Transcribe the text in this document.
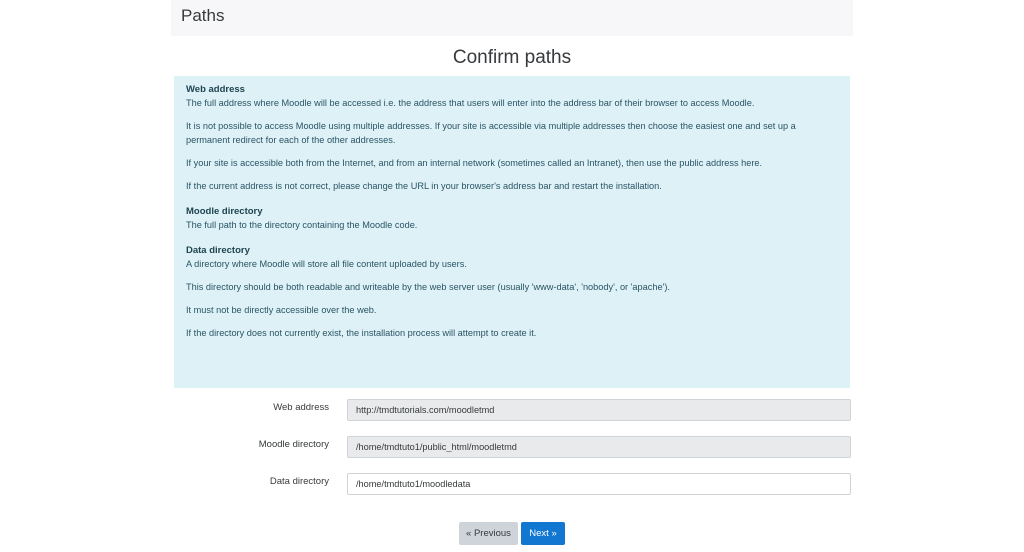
Paths
Confirm paths

Web address

The full address where Moodle will be accessed i.e. the address that users will enter into the address bar of their browser to access Moodle.

It is not possible to access Moodle using multiple addresses. If your site is accessible via multiple addresses then choose the easiest one and set up a permanent redirect for each of the other addresses.

If your site is accessible both from the Internet, and from an internal network (sometimes called an Intranet), then use the public address here.

If the current address is not correct, please change the URL in your browser's address bar and restart the installation.

Moodle directory

The full path to the directory containing the Moodle code.

Data directory

A directory where Moodle will store all file content uploaded by users.

This directory should be both readable and writeable by the web server user (usually 'www-data', 'nobody', or 'apache').

It must not be directly accessible over the web.

If the directory does not currently exist, the installation process will attempt to create it.

Web address
http://tmdtutorials.com/moodletmd
Moodle directory
/home/tmdtuto1/public_html/moodletmd
Data directory
/home/tmdtuto1/moodledata
« Previous	Next »
